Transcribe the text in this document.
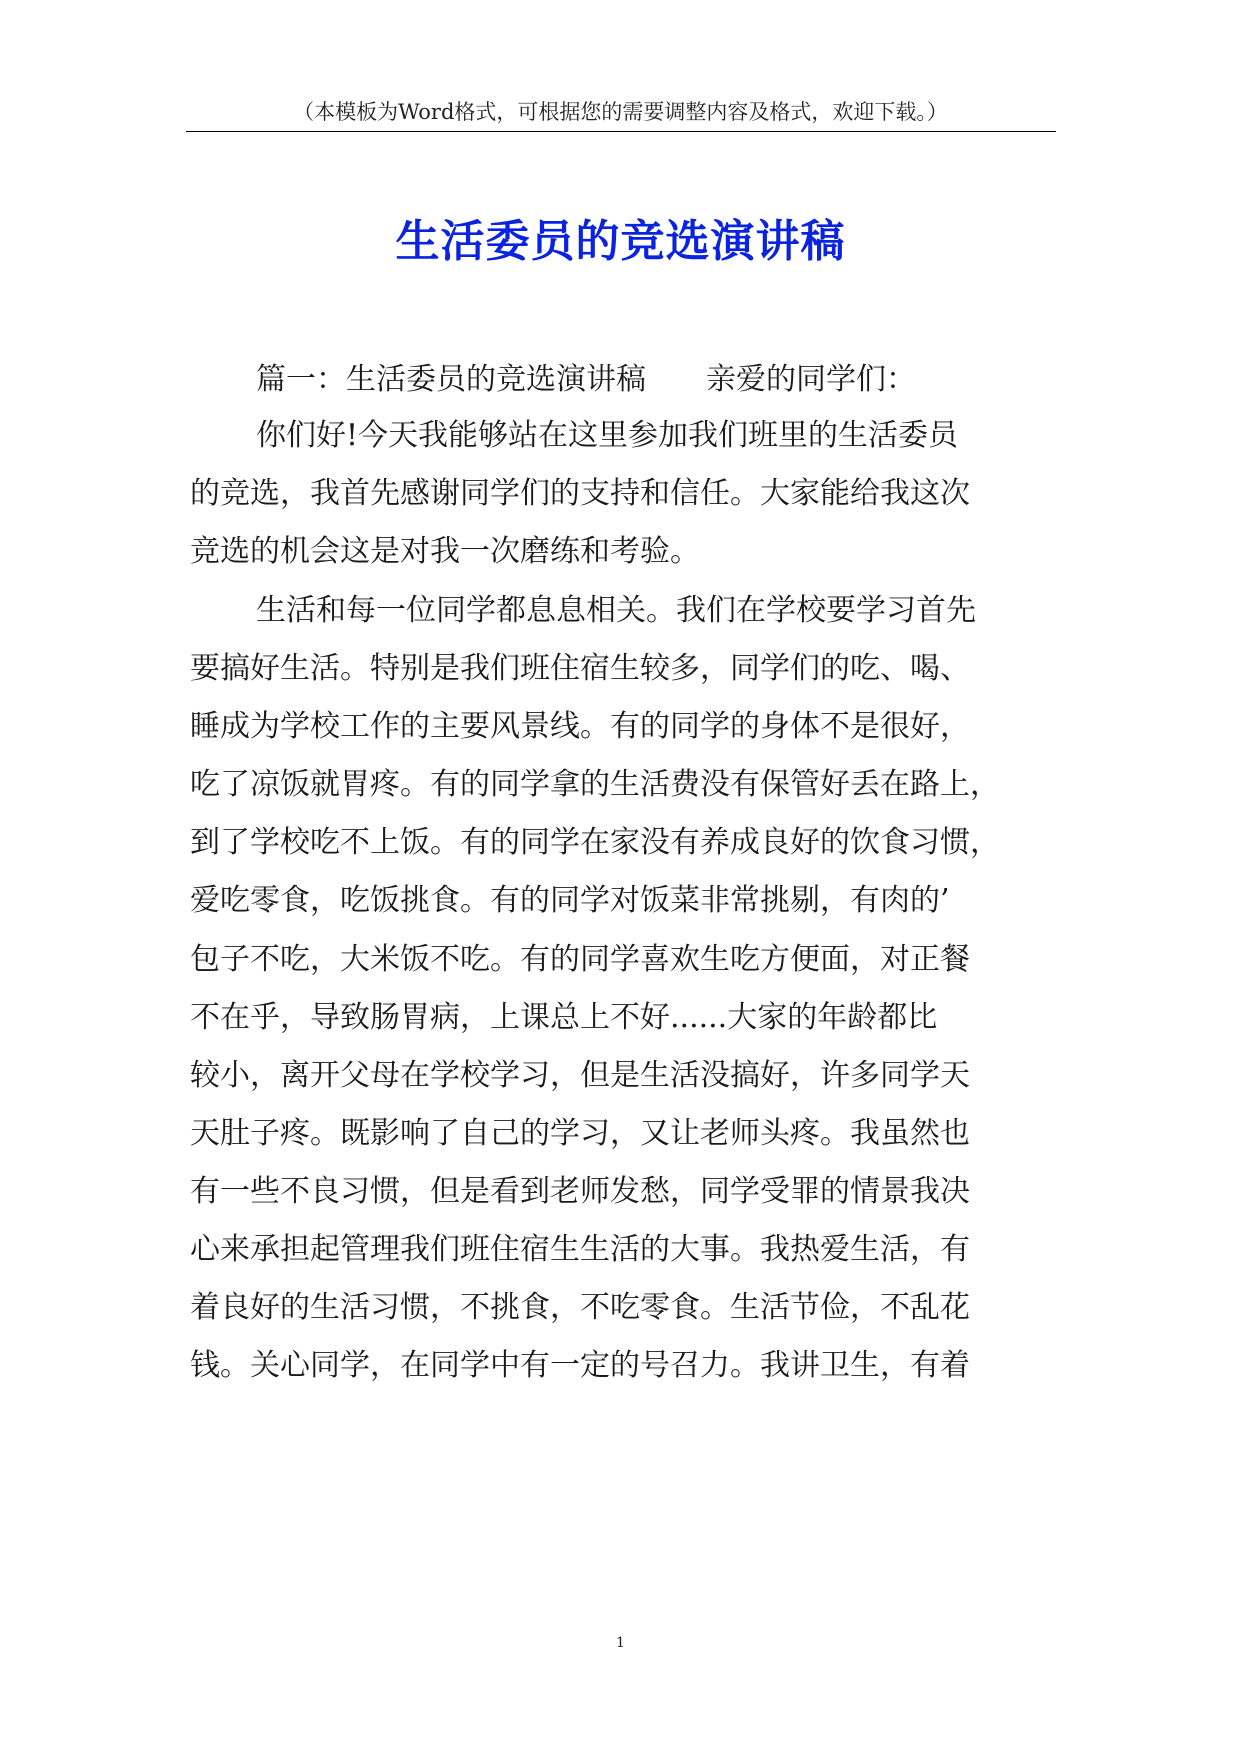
（本模板为Word格式，可根据您的需要调整内容及格式，欢迎下载。）
生活委员的竞选演讲稿
篇一：生活委员的竞选演讲稿　　亲爱的同学们：
你们好!今天我能够站在这里参加我们班里的生活委员
的竞选，我首先感谢同学们的支持和信任。大家能给我这次
竞选的机会这是对我一次磨练和考验。
生活和每一位同学都息息相关。我们在学校要学习首先
要搞好生活。特别是我们班住宿生较多，同学们的吃、喝、
睡成为学校工作的主要风景线。有的同学的身体不是很好，
吃了凉饭就胃疼。有的同学拿的生活费没有保管好丢在路上，
到了学校吃不上饭。有的同学在家没有养成良好的饮食习惯，
爱吃零食，吃饭挑食。有的同学对饭菜非常挑剔，有肉的’
包子不吃，大米饭不吃。有的同学喜欢生吃方便面，对正餐
不在乎，导致肠胃病，上课总上不好......大家的年龄都比
较小，离开父母在学校学习，但是生活没搞好，许多同学天
天肚子疼。既影响了自己的学习，又让老师头疼。我虽然也
有一些不良习惯，但是看到老师发愁，同学受罪的情景我决
心来承担起管理我们班住宿生生活的大事。我热爱生活，有
着良好的生活习惯，不挑食，不吃零食。生活节俭，不乱花
钱。关心同学，在同学中有一定的号召力。我讲卫生，有着
1
